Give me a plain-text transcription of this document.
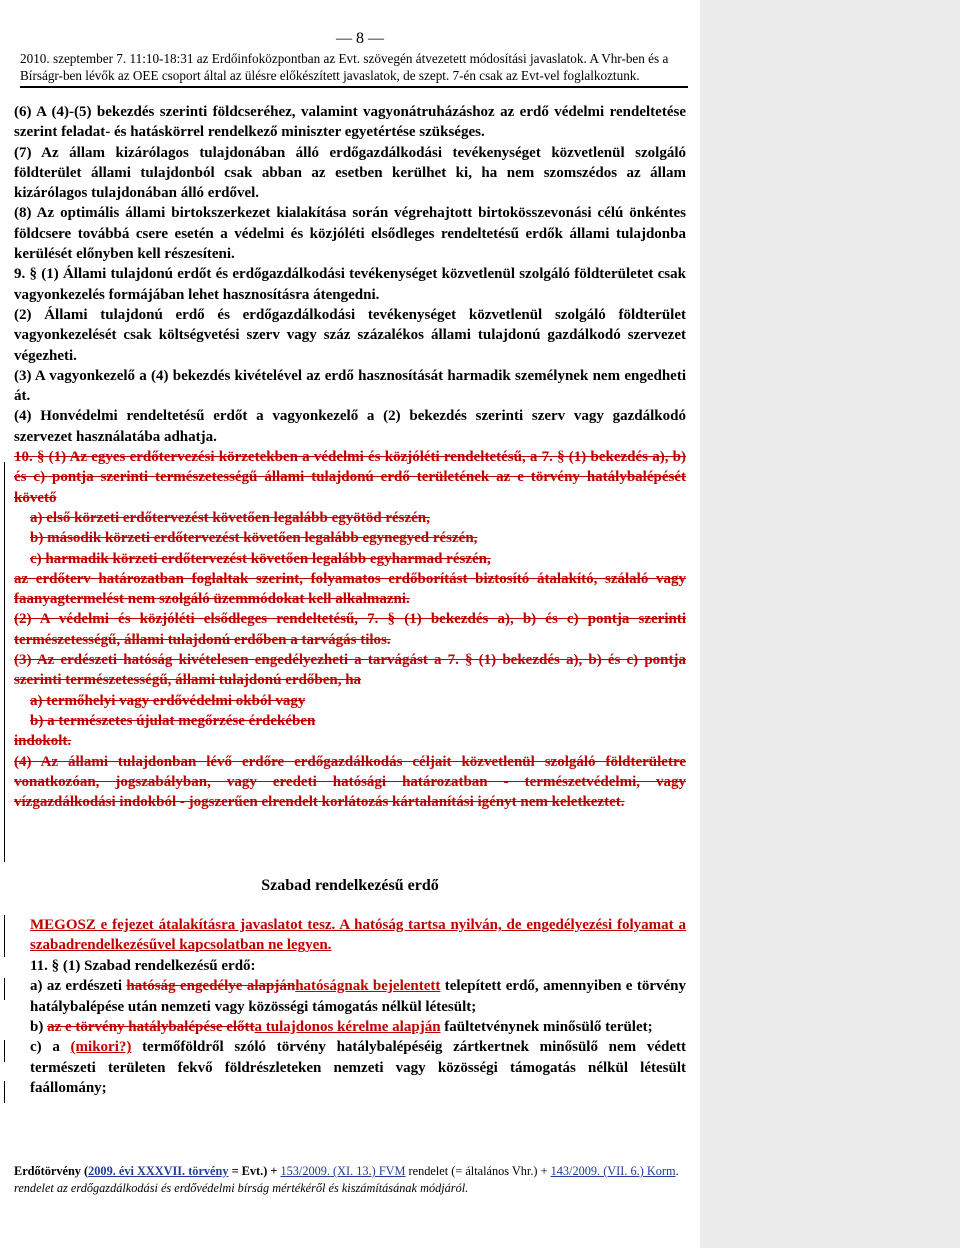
— 8 —
2010. szeptember 7. 11:10-18:31 az Erdőinfoközpontban az Evt. szövegén átvezetett módosítási javaslatok. A Vhr-ben és a
Bírságr-ben lévők az OEE csoport által az ülésre előkészített javaslatok, de szept. 7-én csak az Evt-vel foglalkoztunk.

(6) A (4)-(5) bekezdés szerinti földcseréhez, valamint vagyonátruházáshoz az erdő védelmi rendeltetése szerint feladat- és hatáskörrel rendelkező miniszter egyetértése szükséges.

(7) Az állam kizárólagos tulajdonában álló erdőgazdálkodási tevékenységet közvetlenül szolgáló földterület állami tulajdonból csak abban az esetben kerülhet ki, ha nem szomszédos az állam kizárólagos tulajdonában álló erdővel.

(8) Az optimális állami birtokszerkezet kialakítása során végrehajtott birtokösszevonási célú önkéntes földcsere továbbá csere esetén a védelmi és közjóléti elsődleges rendeltetésű erdők állami tulajdonba kerülését előnyben kell részesíteni.

9. § (1) Állami tulajdonú erdőt és erdőgazdálkodási tevékenységet közvetlenül szolgáló földterületet csak vagyonkezelés formájában lehet hasznosításra átengedni.

(2) Állami tulajdonú erdő és erdőgazdálkodási tevékenységet közvetlenül szolgáló földterület vagyonkezelését csak költségvetési szerv vagy száz százalékos állami tulajdonú gazdálkodó szervezet végezheti.

(3) A vagyonkezelő a (4) bekezdés kivételével az erdő hasznosítását harmadik személynek nem engedheti át.

(4) Honvédelmi rendeltetésű erdőt a vagyonkezelő a (2) bekezdés szerinti szerv vagy gazdálkodó szervezet használatába adhatja.

10. § (1) Az egyes erdőtervezési körzetekben a védelmi és közjóléti rendeltetésű, a 7. § (1) bekezdés a), b) és c) pontja szerinti természetességű állami tulajdonú erdő területének az e törvény hatálybalépését követő

a) első körzeti erdőtervezést követően legalább egyötöd részén,

b) második körzeti erdőtervezést követően legalább egynegyed részén,

c) harmadik körzeti erdőtervezést követően legalább egyharmad részén,

az erdőterv határozatban foglaltak szerint, folyamatos erdőborítást biztosító átalakító, szálaló vagy faanyagtermelést nem szolgáló üzemmódokat kell alkalmazni.

(2) A védelmi és közjóléti elsődleges rendeltetésű, 7. § (1) bekezdés a), b) és c) pontja szerinti természetességű, állami tulajdonú erdőben a tarvágás tilos.

(3) Az erdészeti hatóság kivételesen engedélyezheti a tarvágást a 7. § (1) bekezdés a), b) és c) pontja szerinti természetességű, állami tulajdonú erdőben, ha

a) termőhelyi vagy erdővédelmi okból vagy

b) a természetes újulat megőrzése érdekében

indokolt.

(4) Az állami tulajdonban lévő erdőre erdőgazdálkodás céljait közvetlenül szolgáló földterületre vonatkozóan, jogszabályban, vagy eredeti hatósági határozatban - természetvédelmi, vagy vízgazdálkodási indokból - jogszerűen elrendelt korlátozás kártalanítási igényt nem keletkeztet.

Szabad rendelkezésű erdő

MEGOSZ e fejezet átalakításra javaslatot tesz. A hatóság tartsa nyilván, de engedélyezési folyamat a szabadrendelkezésűvel kapcsolatban ne legyen.

11. § (1) Szabad rendelkezésű erdő:

a) az erdészeti hatóság engedélye alapjánhatóságnak bejelentett telepített erdő, amennyiben e törvény hatálybalépése után nemzeti vagy közösségi támogatás nélkül létesült;

b) az e törvény hatálybalépése előtta tulajdonos kérelme alapján faültetvénynek minősülő terület;

c) a (mikori?) termőföldről szóló törvény hatálybalépéséig zártkertnek minősülő nem védett természeti területen fekvő földrészleteken nemzeti vagy közösségi támogatás nélkül létesült faállomány;

Erdőtörvény (2009. évi XXXVII. törvény = Evt.) + 153/2009. (XI. 13.) FVM rendelet (= általános Vhr.) + 143/2009. (VII. 6.) Korm. rendelet az erdőgazdálkodási és erdővédelmi bírság mértékéről és kiszámításának módjáról.
